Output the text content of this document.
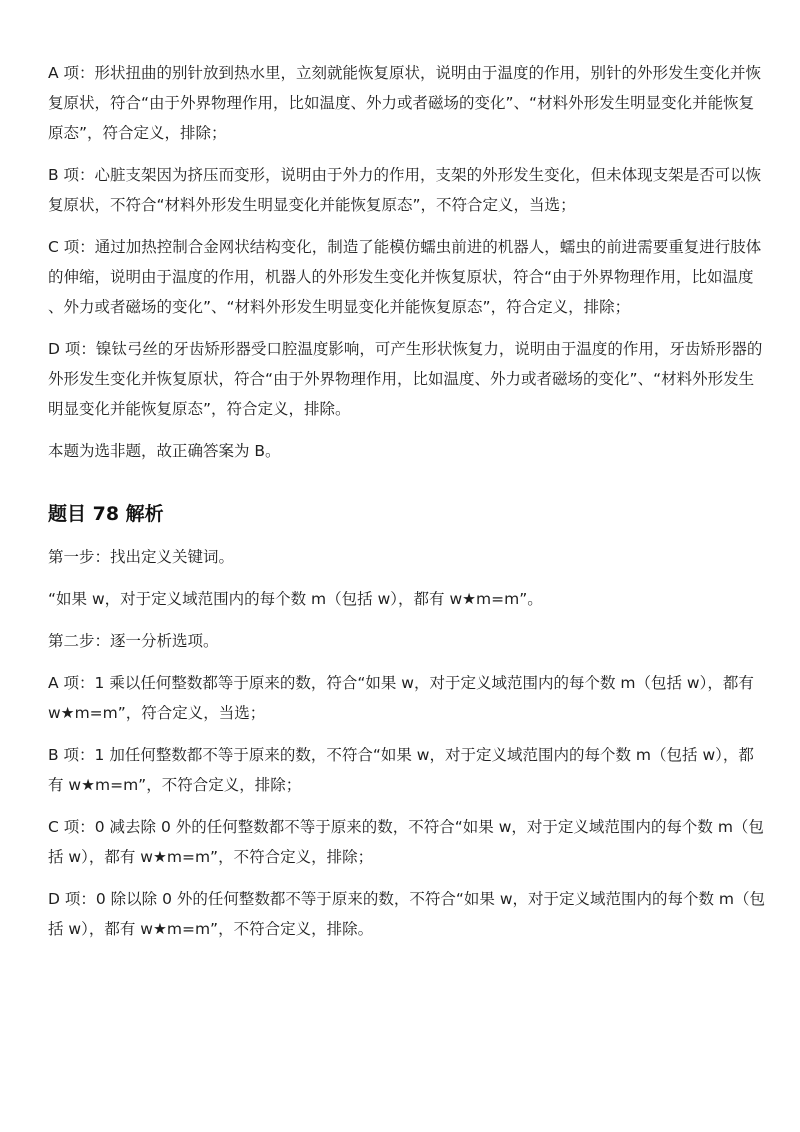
A 项：形状扭曲的别针放到热水里，立刻就能恢复原状，说明由于温度的作用，别针的外形发生变化并恢复原状，符合“由于外界物理作用，比如温度、外力或者磁场的变化”、“材料外形发生明显变化并能恢复原态”，符合定义，排除；

B 项：心脏支架因为挤压而变形，说明由于外力的作用，支架的外形发生变化，但未体现支架是否可以恢复原状，不符合“材料外形发生明显变化并能恢复原态”，不符合定义，当选；

C 项：通过加热控制合金网状结构变化，制造了能模仿蠕虫前进的机器人，蠕虫的前进需要重复进行肢体的伸缩，说明由于温度的作用，机器人的外形发生变化并恢复原状，符合“由于外界物理作用，比如温度、外力或者磁场的变化”、“材料外形发生明显变化并能恢复原态”，符合定义，排除；

D 项：镍钛弓丝的牙齿矫形器受口腔温度影响，可产生形状恢复力，说明由于温度的作用，牙齿矫形器的外形发生变化并恢复原状，符合“由于外界物理作用，比如温度、外力或者磁场的变化”、“材料外形发生明显变化并能恢复原态”，符合定义，排除。

本题为选非题，故正确答案为 B。

题目 78 解析

第一步：找出定义关键词。

“如果 w，对于定义域范围内的每个数 m（包括 w），都有 w★m=m”。

第二步：逐一分析选项。

A 项：1 乘以任何整数都等于原来的数，符合“如果 w，对于定义域范围内的每个数 m（包括 w），都有 w★m=m”，符合定义，当选；

B 项：1 加任何整数都不等于原来的数，不符合“如果 w，对于定义域范围内的每个数 m（包括 w），都有 w★m=m”，不符合定义，排除；

C 项：0 减去除 0 外的任何整数都不等于原来的数，不符合“如果 w，对于定义域范围内的每个数 m（包括 w），都有 w★m=m”，不符合定义，排除；

D 项：0 除以除 0 外的任何整数都不等于原来的数，不符合“如果 w，对于定义域范围内的每个数 m（包括 w），都有 w★m=m”，不符合定义，排除。
